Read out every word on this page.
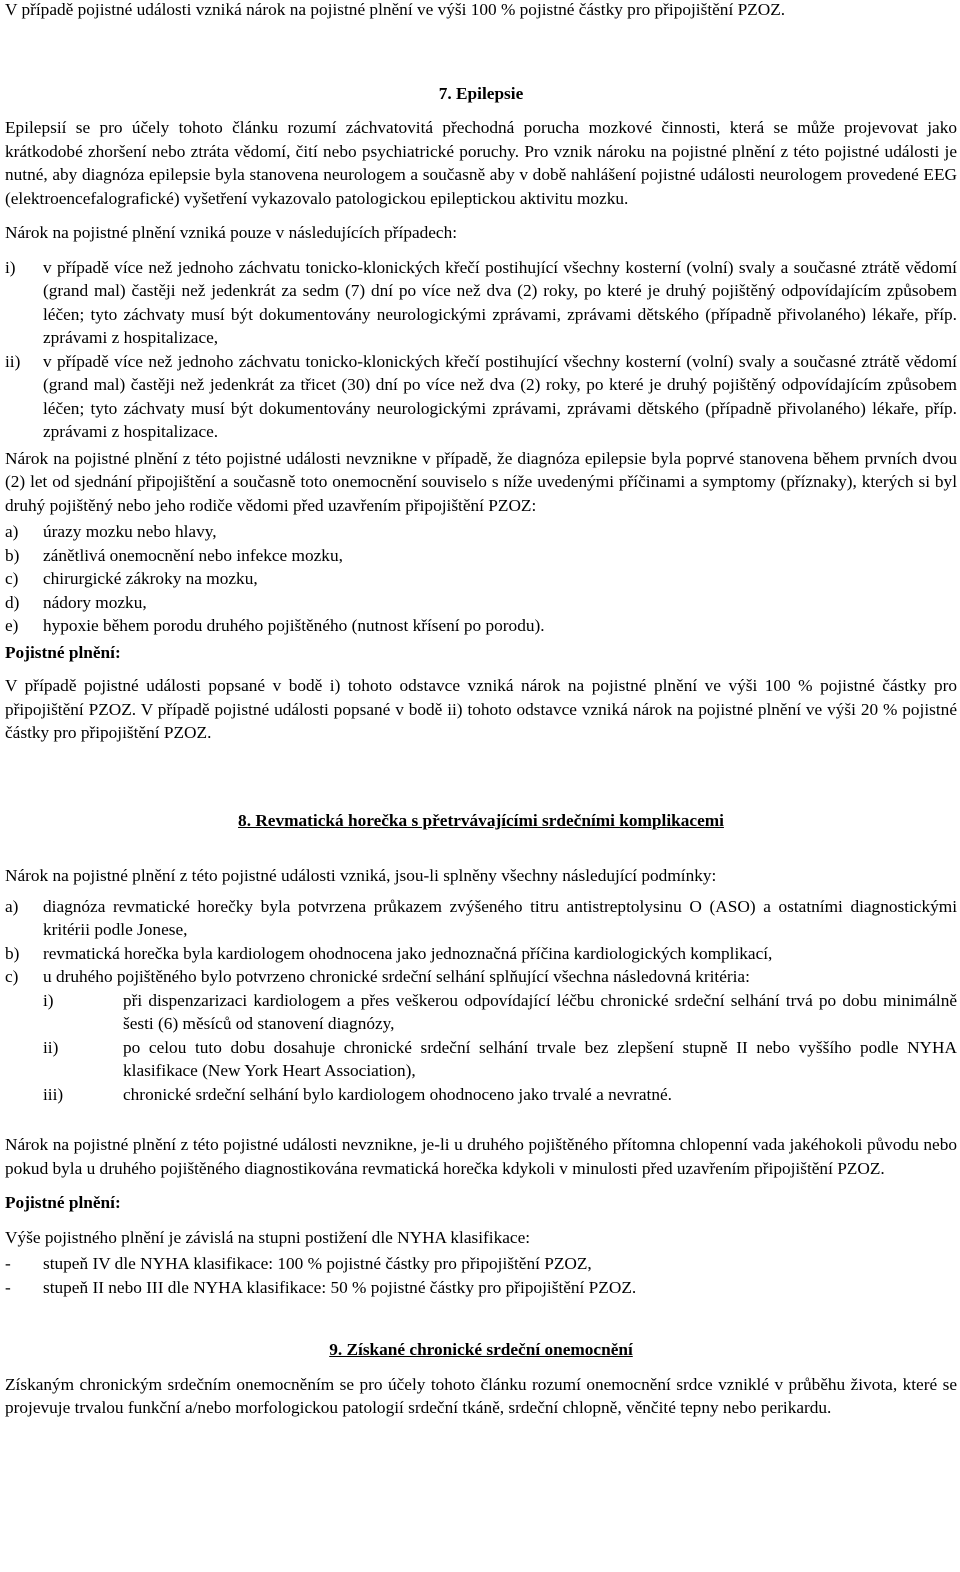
V případě pojistné události vzniká nárok na pojistné plnění ve výši 100 % pojistné částky pro připojištění PZOZ.

7. Epilepsie

Epilepsií se pro účely tohoto článku rozumí záchvatovitá přechodná porucha mozkové činnosti, která se může projevovat jako krátkodobé zhoršení nebo ztráta vědomí, čití nebo psychiatrické poruchy. Pro vznik nároku na pojistné plnění z této pojistné události je nutné, aby diagnóza epilepsie byla stanovena neurologem a současně aby v době nahlášení pojistné události neurologem provedené EEG (elektroencefalografické) vyšetření vykazovalo patologickou epileptickou aktivitu mozku.

Nárok na pojistné plnění vzniká pouze v následujících případech:

i)	v případě více než jednoho záchvatu tonicko-klonických křečí postihující všechny kosterní (volní) svaly a současné ztrátě vědomí (grand mal) častěji než jedenkrát za sedm (7) dní po více než dva (2) roky, po které je druhý pojištěný odpovídajícím způsobem léčen; tyto záchvaty musí být dokumentovány neurologickými zprávami, zprávami dětského (případně přivolaného) lékaře, příp. zprávami z hospitalizace,
ii)	v případě více než jednoho záchvatu tonicko-klonických křečí postihující všechny kosterní (volní) svaly a současné ztrátě vědomí (grand mal) častěji než jedenkrát za třicet (30) dní po více než dva (2) roky, po které je druhý pojištěný odpovídajícím způsobem léčen; tyto záchvaty musí být dokumentovány neurologickými zprávami, zprávami dětského (případně přivolaného) lékaře, příp. zprávami z hospitalizace.

Nárok na pojistné plnění z této pojistné události nevznikne v případě, že diagnóza epilepsie byla poprvé stanovena během prvních dvou (2) let od sjednání připojištění a současně toto onemocnění souviselo s níže uvedenými příčinami a symptomy (příznaky), kterých si byl druhý pojištěný nebo jeho rodiče vědomi před uzavřením připojištění PZOZ:

a)	úrazy mozku nebo hlavy,
b)	zánětlivá onemocnění nebo infekce mozku,
c)	chirurgické zákroky na mozku,
d)	nádory mozku,
e)	hypoxie během porodu druhého pojištěného (nutnost křísení po porodu).

Pojistné plnění:

V případě pojistné události popsané v bodě i) tohoto odstavce vzniká nárok na pojistné plnění ve výši 100 % pojistné částky pro připojištění PZOZ. V případě pojistné události popsané v bodě ii) tohoto odstavce vzniká nárok na pojistné plnění ve výši 20 % pojistné částky pro připojištění PZOZ.

8. Revmatická horečka s přetrvávajícími srdečními komplikacemi

Nárok na pojistné plnění z této pojistné události vzniká, jsou-li splněny všechny následující podmínky:

a)	diagnóza revmatické horečky byla potvrzena průkazem zvýšeného titru antistreptolysinu O (ASO) a ostatními diagnostickými kritérii podle Jonese,
b)	revmatická horečka byla kardiologem ohodnocena jako jednoznačná příčina kardiologických komplikací,
c)	u druhého pojištěného bylo potvrzeno chronické srdeční selhání splňující všechna následovná kritéria:
i)	při dispenzarizaci kardiologem a přes veškerou odpovídající léčbu chronické srdeční selhání trvá po dobu minimálně šesti (6) měsíců od stanovení diagnózy,
ii)	po celou tuto dobu dosahuje chronické srdeční selhání trvale bez zlepšení stupně II nebo vyššího podle NYHA klasifikace (New York Heart Association),
iii)	chronické srdeční selhání bylo kardiologem ohodnoceno jako trvalé a nevratné.

Nárok na pojistné plnění z této pojistné události nevznikne, je-li u druhého pojištěného přítomna chlopenní vada jakéhokoli původu nebo pokud byla u druhého pojištěného diagnostikována revmatická horečka kdykoli v minulosti před uzavřením připojištění PZOZ.

Pojistné plnění:

Výše pojistného plnění je závislá na stupni postižení dle NYHA klasifikace:

-	stupeň IV dle NYHA klasifikace: 100 % pojistné částky pro připojištění PZOZ,
-	stupeň II nebo III dle NYHA klasifikace: 50 % pojistné částky pro připojištění PZOZ.

9. Získané chronické srdeční onemocnění

Získaným chronickým srdečním onemocněním se pro účely tohoto článku rozumí onemocnění srdce vzniklé v průběhu života, které se projevuje trvalou funkční a/nebo morfologickou patologií srdeční tkáně, srdeční chlopně, věnčité tepny nebo perikardu.
